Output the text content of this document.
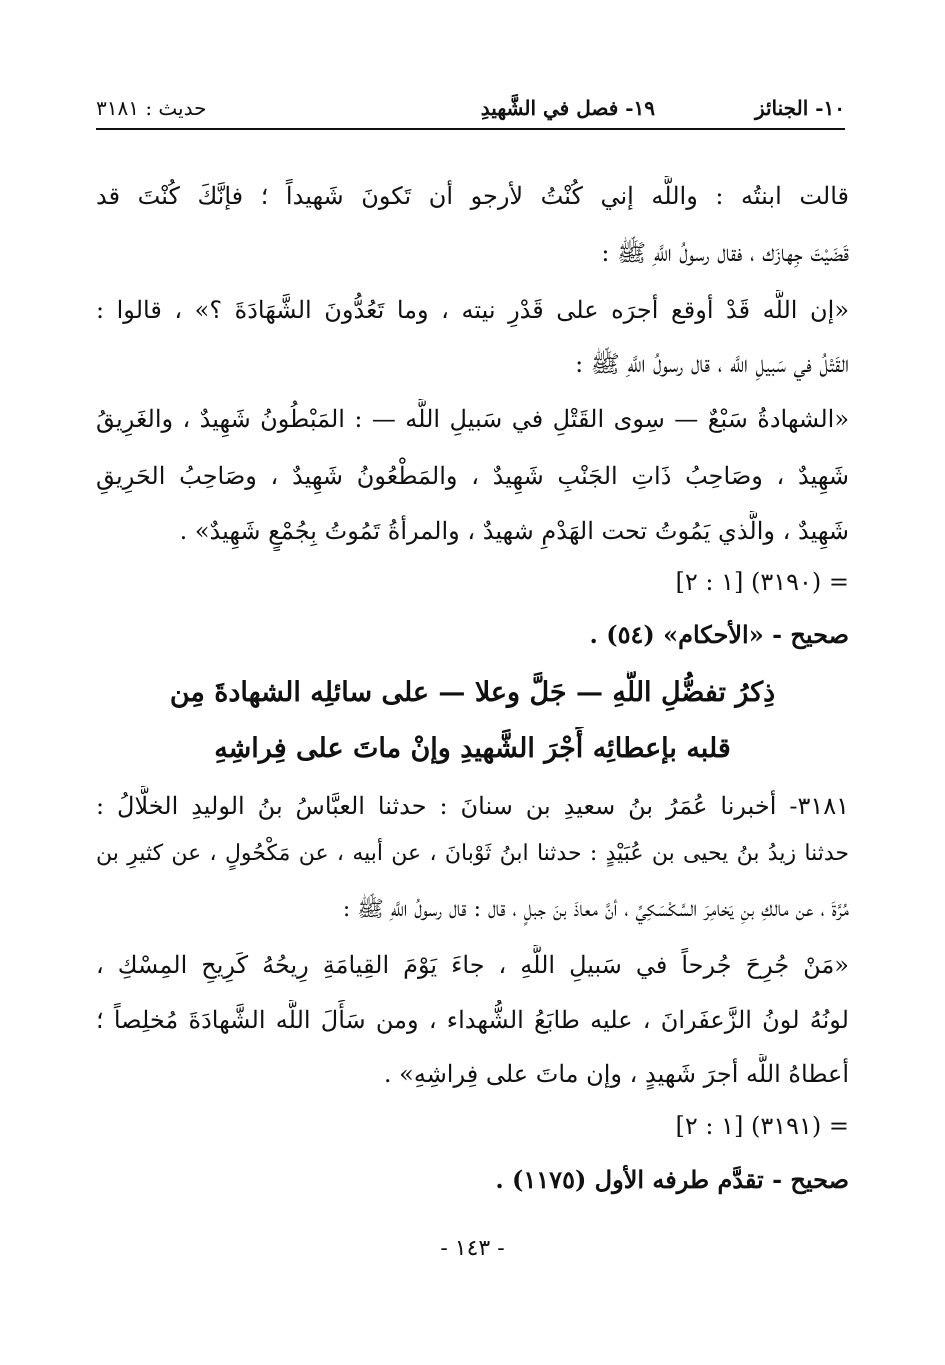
١٠- الجنائز
١٩- فصل في الشَّهيدِ
حديث : ٣١٨١
قالت ابنتُه : واللَّه إني كُنْتُ لأرجو أن تَكونَ شَهيداً ؛ فإنَّكَ كُنْتَ قد
قَضَيْتَ جِهازَك ، فقال رسولُ اللَّهِ ﷺ :
«إن اللَّه قَدْ أوقع أجرَه على قَدْرِ نيته ، وما تَعُدُّونَ الشَّهَادَةَ ؟» ، قالوا :
القَتْلُ في سَبيلِ اللَّه ، قال رسولُ اللَّهِ ﷺ :
«الشهادةُ سَبْعٌ — سِوى القَتْلِ في سَبيلِ اللَّه — : المَبْطُونُ شَهِيدٌ ، والغَرِيقُ
شَهِيدٌ ، وصَاحِبُ ذَاتِ الجَنْبِ شَهِيدٌ ، والمَطْعُونُ شَهِيدٌ ، وصَاحِبُ الحَرِيقِ
شَهِيدٌ ، والَّذي يَمُوتُ تحت الهَدْمِ شهيدٌ ، والمرأةُ تَمُوتُ بِجُمْعٍ شَهِيدٌ» .
= (٣١٩٠) [١ : ٢]
صحيح - «الأحكام» (٥٤) .
ذِكرُ تفضُّلِ اللَّهِ — جَلَّ وعلا — على سائلِه الشهادةَ مِن
قلبه بإعطائِه أَجْرَ الشَّهيدِ وإنْ ماتَ على فِراشِهِ
٣١٨١- أخبرنا عُمَرُ بنُ سعيدِ بن سنانَ : حدثنا العبَّاسُ بنُ الوليدِ الخلَّالُ :
حدثنا زيدُ بنُ يحيى بن عُبَيْدٍ : حدثنا ابنُ ثَوْبانَ ، عن أبيه ، عن مَكْحُولٍ ، عن كثيرِ بن
مُرَّةَ ، عن مالكِ بنِ يَخامِرَ السَّكْسَكِيِّ ، أنَّ معاذَ بنَ جبلٍ ، قال : قال رسولُ اللَّهِ ﷺ :
«مَنْ جُرِحَ جُرحاً في سَبيلِ اللَّهِ ، جاءَ يَوْمَ القِيامَةِ رِيحُهُ كَرِيحِ المِسْكِ ،
لونُهُ لونُ الزَّعفَرانَ ، عليه طابَعُ الشُّهداء ، ومن سَأَلَ اللَّه الشَّهادَةَ مُخلِصاً ؛
أعطاهُ اللَّه أجرَ شَهيدٍ ، وإن ماتَ على فِراشِهِ» .
= (٣١٩١) [١ : ٢]
صحيح - تقدَّم طرفه الأول (١١٧٥) .
- ١٤٣ -
